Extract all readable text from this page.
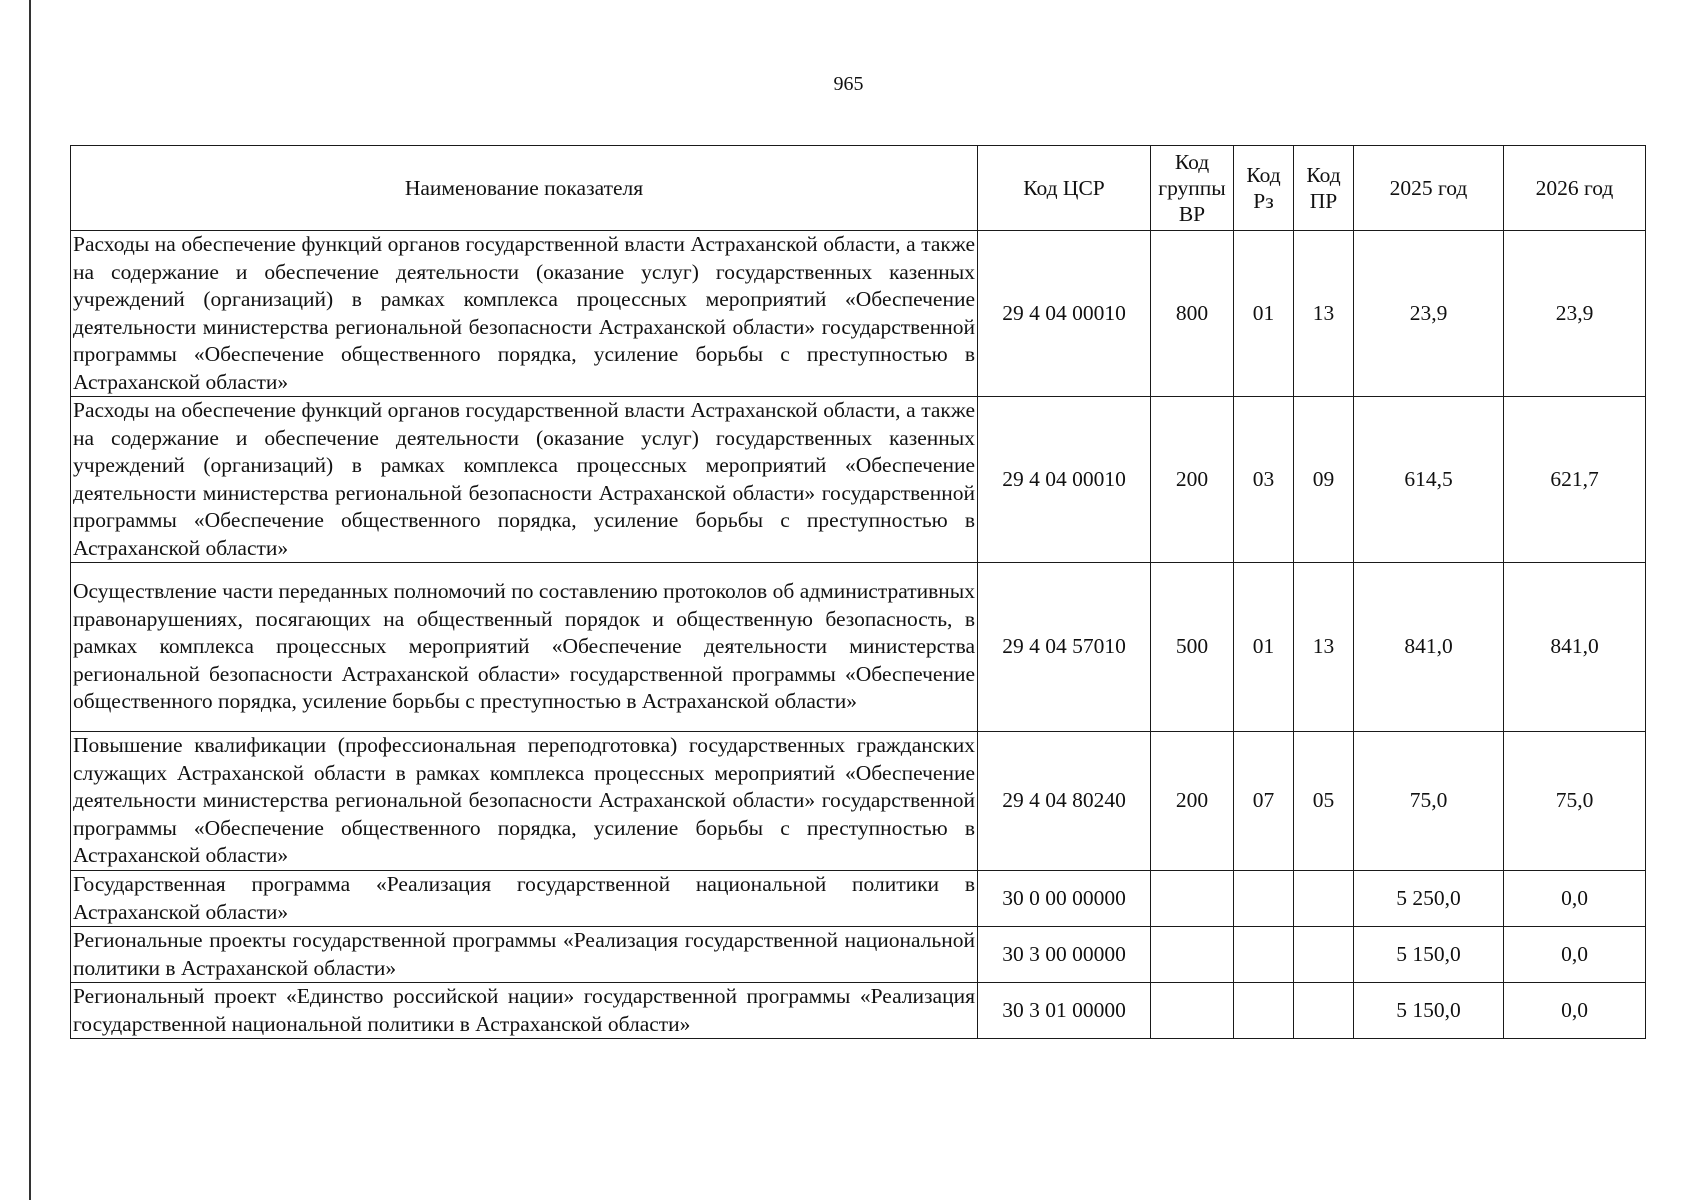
965
Наименование показателя	Код ЦСР	Код группы ВР	Код Рз	Код ПР	2025 год	2026 год
Расходы на обеспечение функций органов государственной власти Астраханской области, а также на содержание и обеспечение деятельности (оказание услуг) государственных казенных учреждений (организаций) в рамках комплекса процессных мероприятий «Обеспечение деятельности министерства региональной безопасности Астраханской области» государственной программы «Обеспечение общественного порядка, усиление борьбы с преступностью в Астраханской области»	29 4 04 00010	800	01	13	23,9	23,9
Расходы на обеспечение функций органов государственной власти Астраханской области, а также на содержание и обеспечение деятельности (оказание услуг) государственных казенных учреждений (организаций) в рамках комплекса процессных мероприятий «Обеспечение деятельности министерства региональной безопасности Астраханской области» государственной программы «Обеспечение общественного порядка, усиление борьбы с преступностью в Астраханской области»	29 4 04 00010	200	03	09	614,5	621,7
Осуществление части переданных полномочий по составлению протоколов об административных правонарушениях, посягающих на общественный порядок и общественную безопасность, в рамках комплекса процессных мероприятий «Обеспечение деятельности министерства региональной безопасности Астраханской области» государственной программы «Обеспечение общественного порядка, усиление борьбы с преступностью в Астраханской области»	29 4 04 57010	500	01	13	841,0	841,0
Повышение квалификации (профессиональная переподготовка) государственных гражданских служащих Астраханской области в рамках комплекса процессных мероприятий «Обеспечение деятельности министерства региональной безопасности Астраханской области» государственной программы «Обеспечение общественного порядка, усиление борьбы с преступностью в Астраханской области»	29 4 04 80240	200	07	05	75,0	75,0
Государственная программа «Реализация государственной национальной политики в Астраханской области»	30 0 00 00000				5 250,0	0,0
Региональные проекты государственной программы «Реализация государственной национальной политики в Астраханской области»	30 3 00 00000				5 150,0	0,0
Региональный проект «Единство российской нации» государственной программы «Реализация государственной национальной политики в Астраханской области»	30 3 01 00000				5 150,0	0,0
